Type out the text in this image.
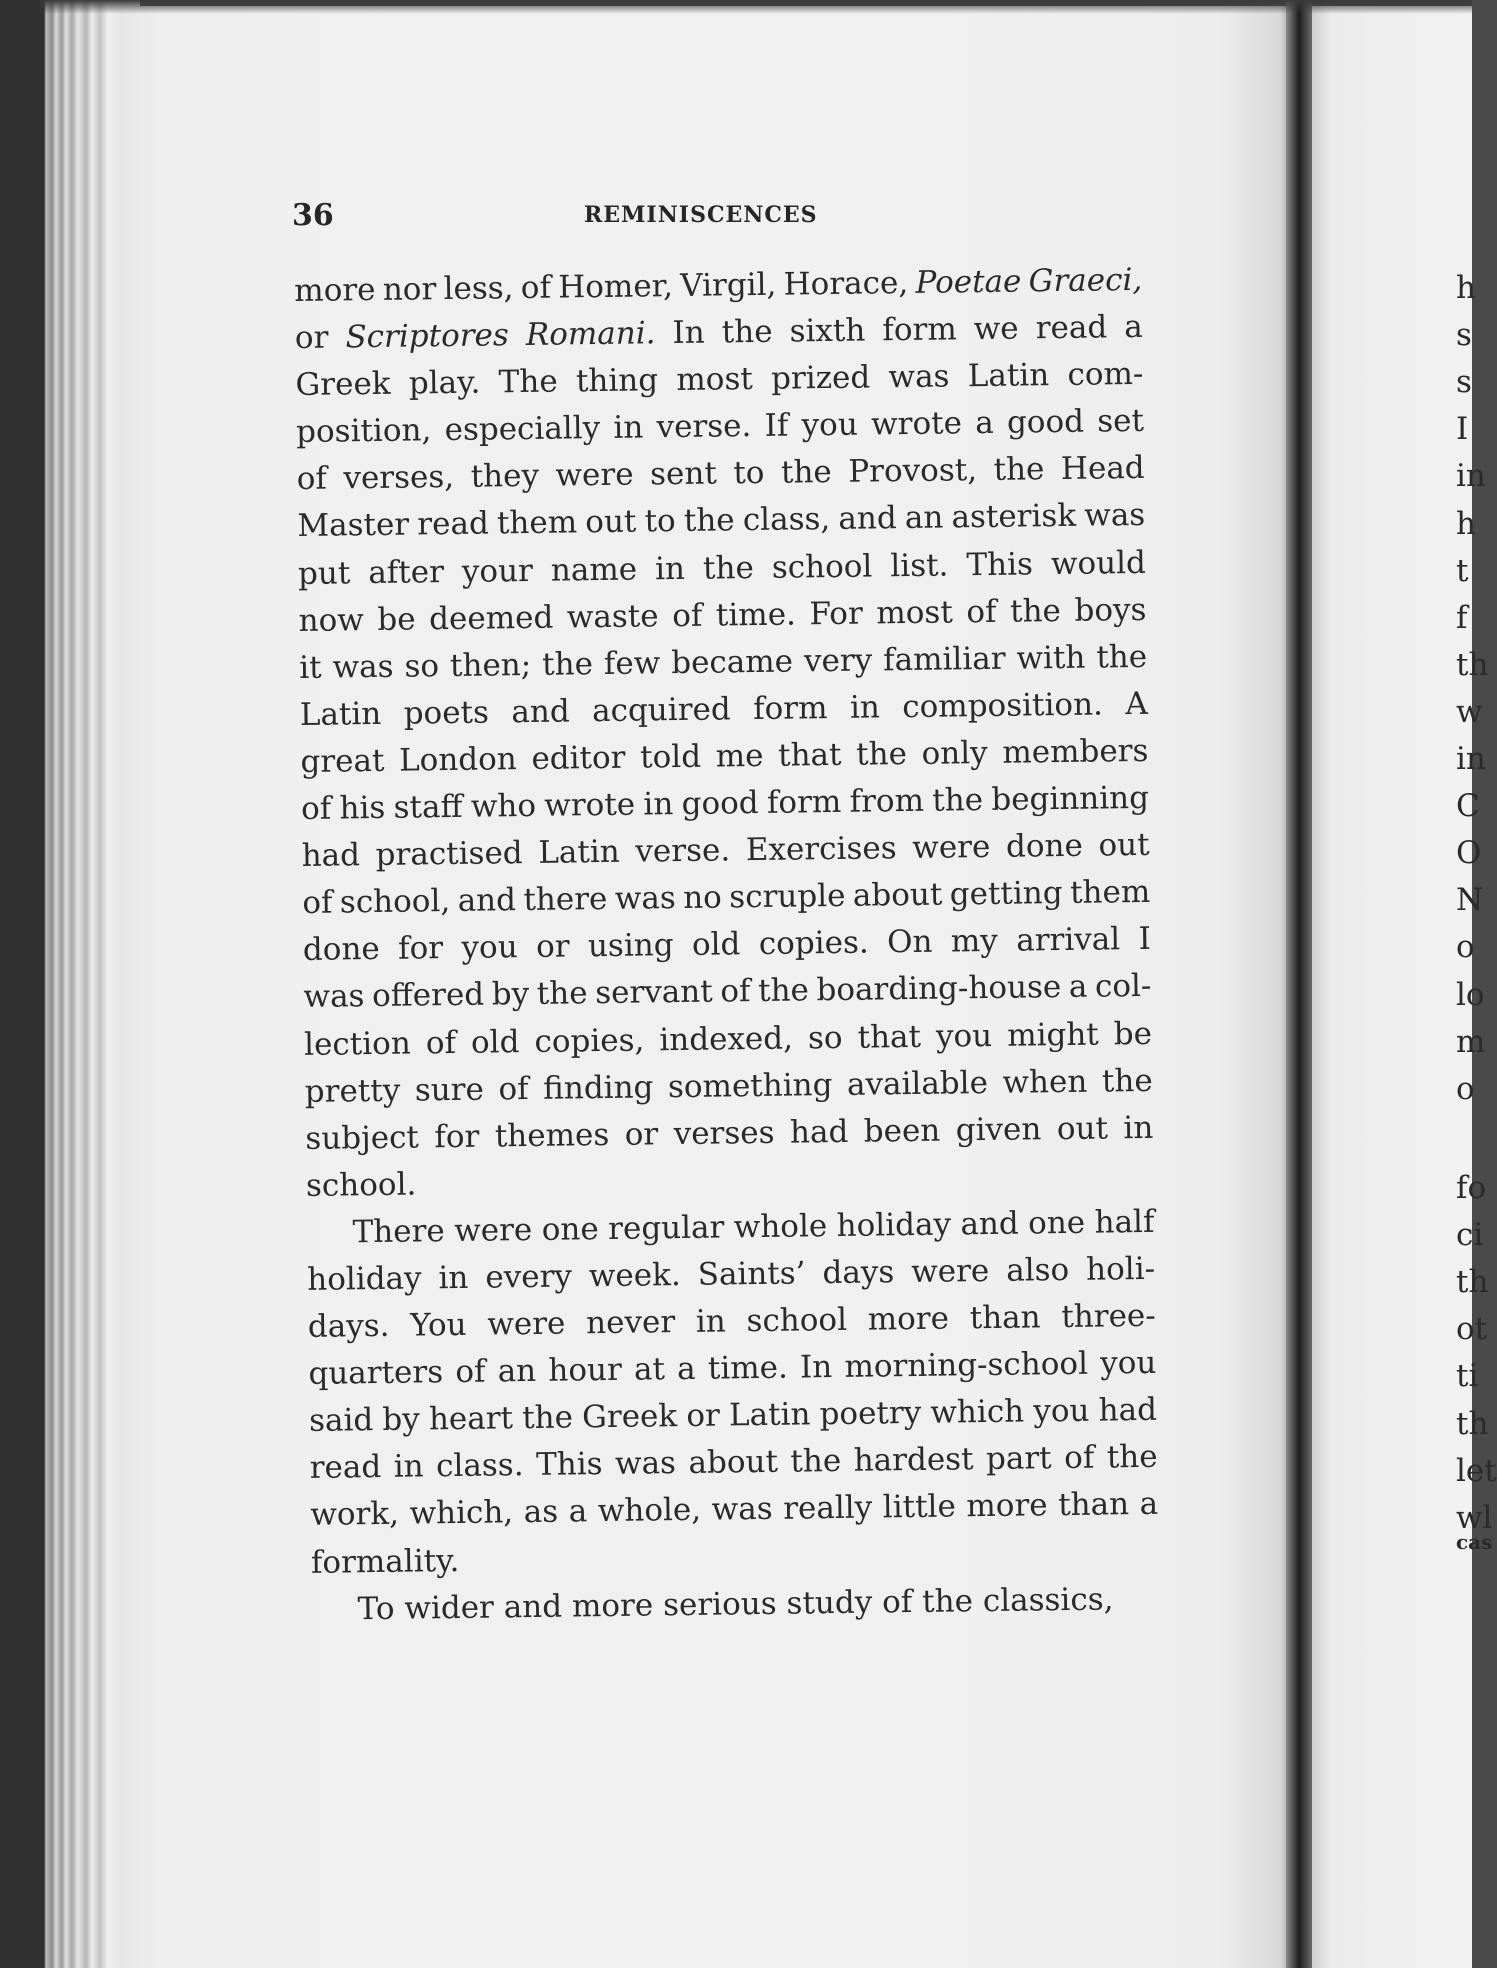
36	REMINISCENCES
more nor less, of Homer, Virgil, Horace, Poetae Graeci,
or Scriptores Romani. In the sixth form we read a
Greek play. The thing most prized was Latin com-
position, especially in verse. If you wrote a good set
of verses, they were sent to the Provost, the Head
Master read them out to the class, and an asterisk was
put after your name in the school list. This would
now be deemed waste of time. For most of the boys
it was so then; the few became very familiar with the
Latin poets and acquired form in composition. A
great London editor told me that the only members
of his staff who wrote in good form from the beginning
had practised Latin verse. Exercises were done out
of school, and there was no scruple about getting them
done for you or using old copies. On my arrival I
was offered by the servant of the boarding-house a col-
lection of old copies, indexed, so that you might be
pretty sure of finding something available when the
subject for themes or verses had been given out in
school.
There were one regular whole holiday and one half
holiday in every week. Saints’ days were also holi-
days. You were never in school more than three-
quarters of an hour at a time. In morning-school you
said by heart the Greek or Latin poetry which you had
read in class. This was about the hardest part of the
work, which, as a whole, was really little more than a
formality.
To wider and more serious study of the classics,
h
s
s
I
in
h
t
f
th
w
in
C
O
N
o
lo
m
o
fo
ci
th
ot
ti
th
let
wl
cas
